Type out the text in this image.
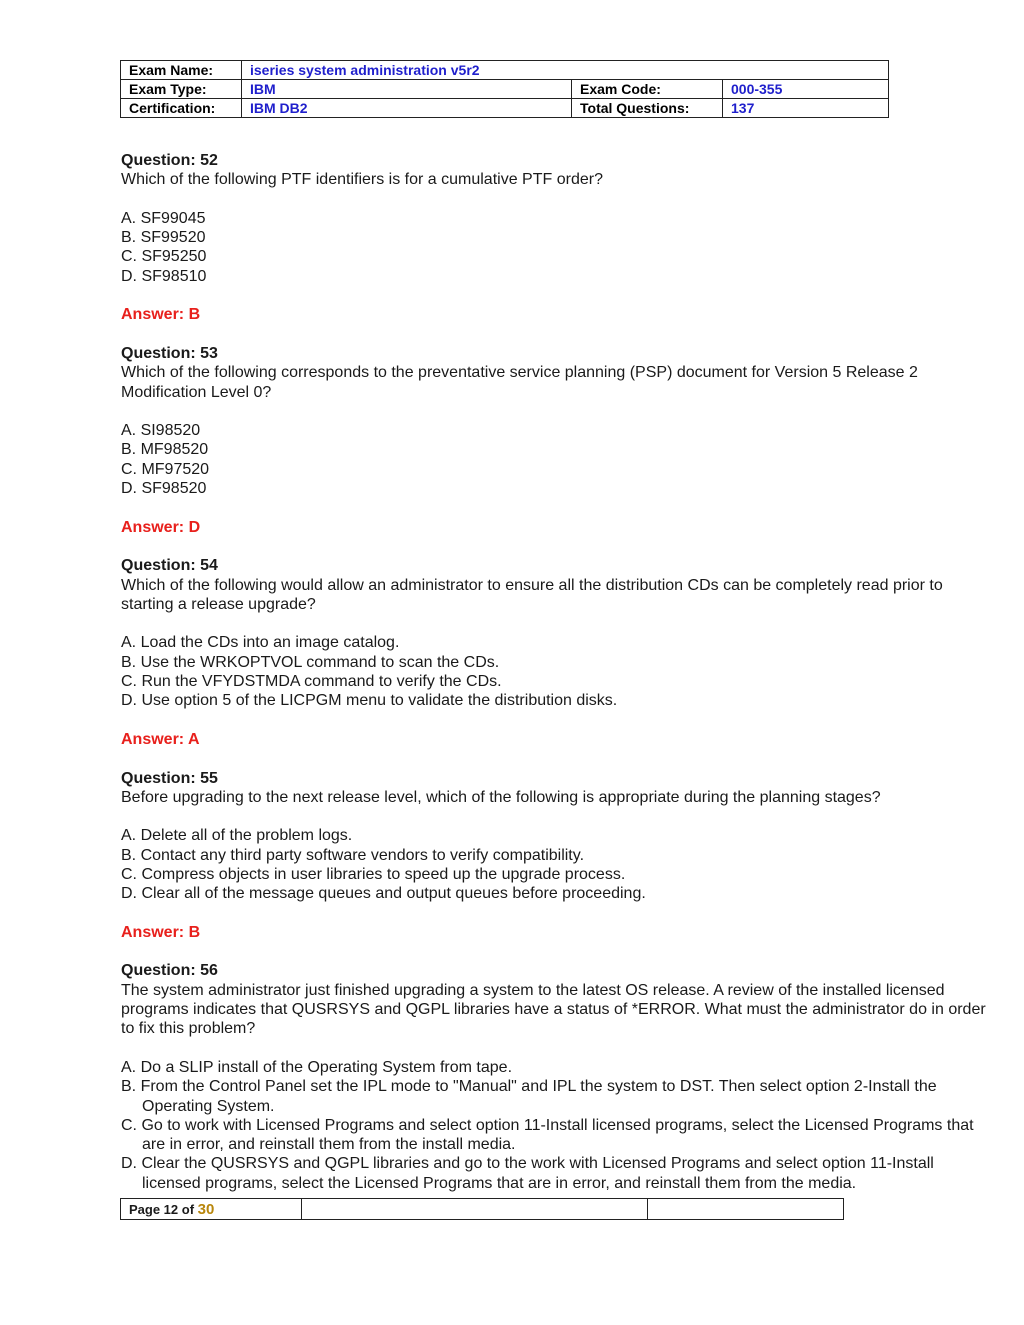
Exam Name:	iseries system administration v5r2		
Exam Type:	IBM	Exam Code:	000-355
Certification:	IBM DB2	Total Questions:	137
Question: 52
Which of the following PTF identifiers is for a cumulative PTF order?
A. SF99045
B. SF99520
C. SF95250
D. SF98510
Answer: B
Question: 53
Which of the following corresponds to the preventative service planning (PSP) document for Version 5 Release 2 Modification Level 0?
A. SI98520
B. MF98520
C. MF97520
D. SF98520
Answer: D
Question: 54
Which of the following would allow an administrator to ensure all the distribution CDs can be completely read prior to starting a release upgrade?
A. Load the CDs into an image catalog.
B. Use the WRKOPTVOL command to scan the CDs.
C. Run the VFYDSTMDA command to verify the CDs.
D. Use option 5 of the LICPGM menu to validate the distribution disks.
Answer: A
Question: 55
Before upgrading to the next release level, which of the following is appropriate during the planning stages?
A. Delete all of the problem logs.
B. Contact any third party software vendors to verify compatibility.
C. Compress objects in user libraries to speed up the upgrade process.
D. Clear all of the message queues and output queues before proceeding.
Answer: B
Question: 56
The system administrator just finished upgrading a system to the latest OS release. A review of the installed licensed programs indicates that QUSRSYS and QGPL libraries have a status of *ERROR. What must the administrator do in order to fix this problem?
A. Do a SLIP install of the Operating System from tape.
B. From the Control Panel set the IPL mode to "Manual" and IPL the system to DST. Then select option 2-Install the Operating System.
C. Go to work with Licensed Programs and select option 11-Install licensed programs, select the Licensed Programs that are in error, and reinstall them from the install media.
D. Clear the QUSRSYS and QGPL libraries and go to the work with Licensed Programs and select option 11-Install licensed programs, select the Licensed Programs that are in error, and reinstall them from the media.
Page 12 of 30		
